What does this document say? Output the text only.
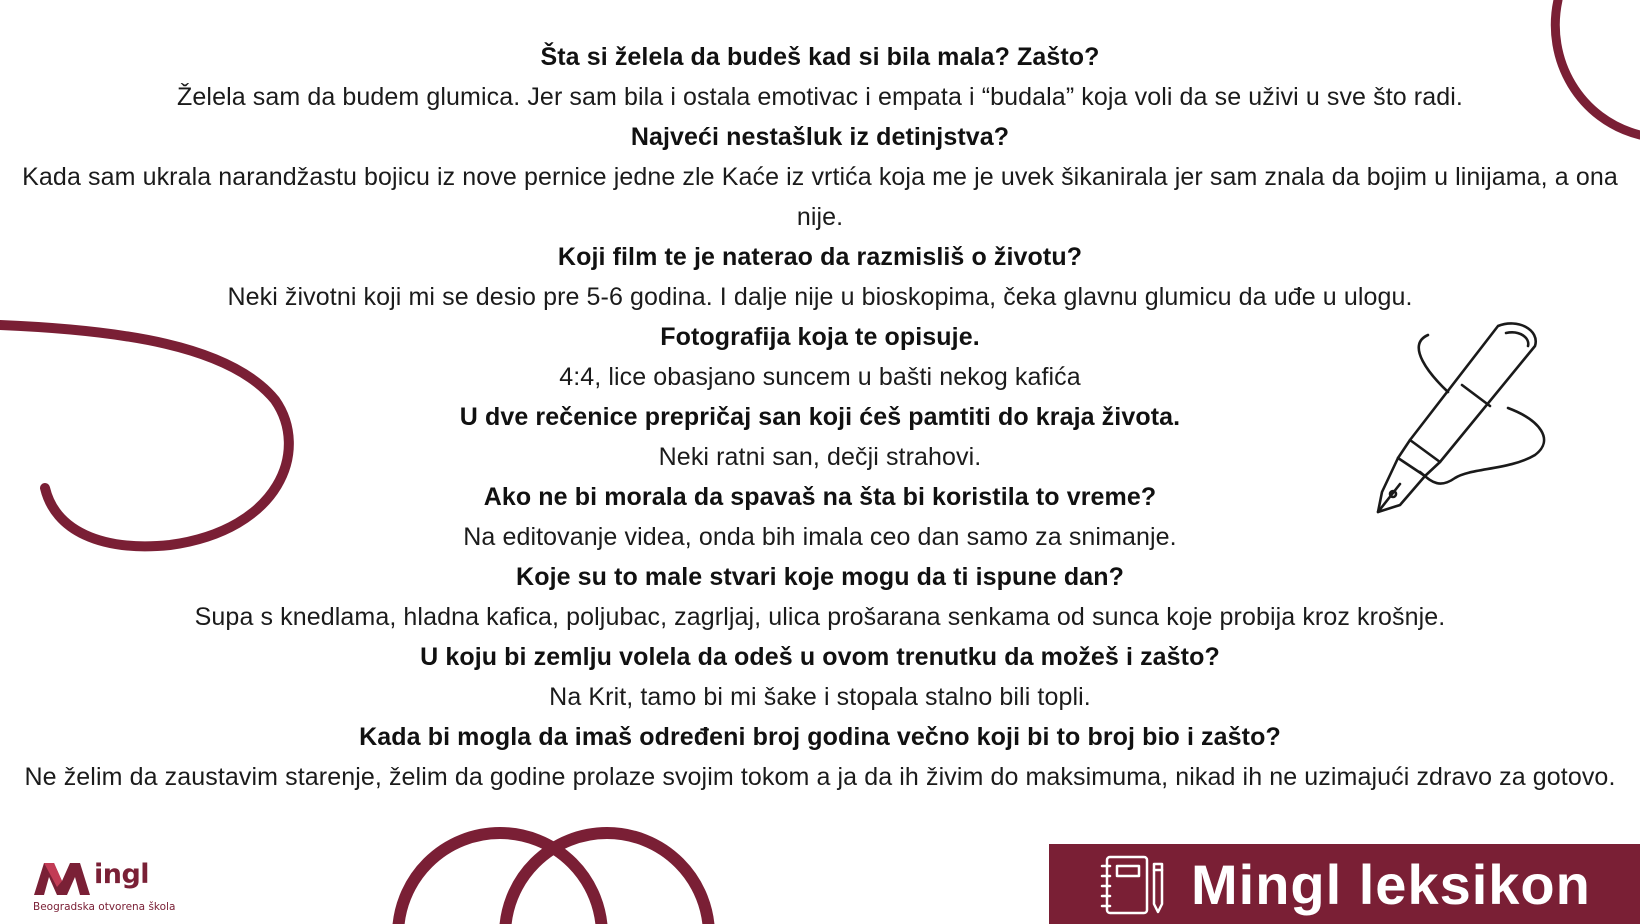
Šta si želela da budeš kad si bila mala? Zašto?

Želela sam da budem glumica. Jer sam bila i ostala emotivac i empata i “budala” koja voli da se uživi u sve što radi.

Najveći nestašluk iz detinjstva?

Kada sam ukrala narandžastu bojicu iz nove pernice jedne zle Kaće iz vrtića koja me je uvek šikanirala jer sam znala da bojim u linijama, a ona nije.

Koji film te je naterao da razmisliš o životu?

Neki životni koji mi se desio pre 5-6 godina. I dalje nije u bioskopima, čeka glavnu glumicu da uđe u ulogu.

Fotografija koja te opisuje.

4:4, lice obasjano suncem u bašti nekog kafića

U dve rečenice prepričaj san koji ćeš pamtiti do kraja života.

Neki ratni san, dečji strahovi.

Ako ne bi morala da spavaš na šta bi koristila to vreme?

Na editovanje videa, onda bih imala ceo dan samo za snimanje.

Koje su to male stvari koje mogu da ti ispune dan?

Supa s knedlama, hladna kafica, poljubac, zagrljaj, ulica prošarana senkama od sunca koje probija kroz krošnje.

U koju bi zemlju volela da odeš u ovom trenutku da možeš i zašto?

Na Krit, tamo bi mi šake i stopala stalno bili topli.

Kada bi mogla da imaš određeni broj godina večno koji bi to broj bio i zašto?

Ne želim da zaustavim starenje, želim da godine prolaze svojim tokom a ja da ih živim do maksimuma, nikad ih ne uzimajući zdravo za gotovo.

ingl
Beogradska otvorena škola	Mingl leksikon
